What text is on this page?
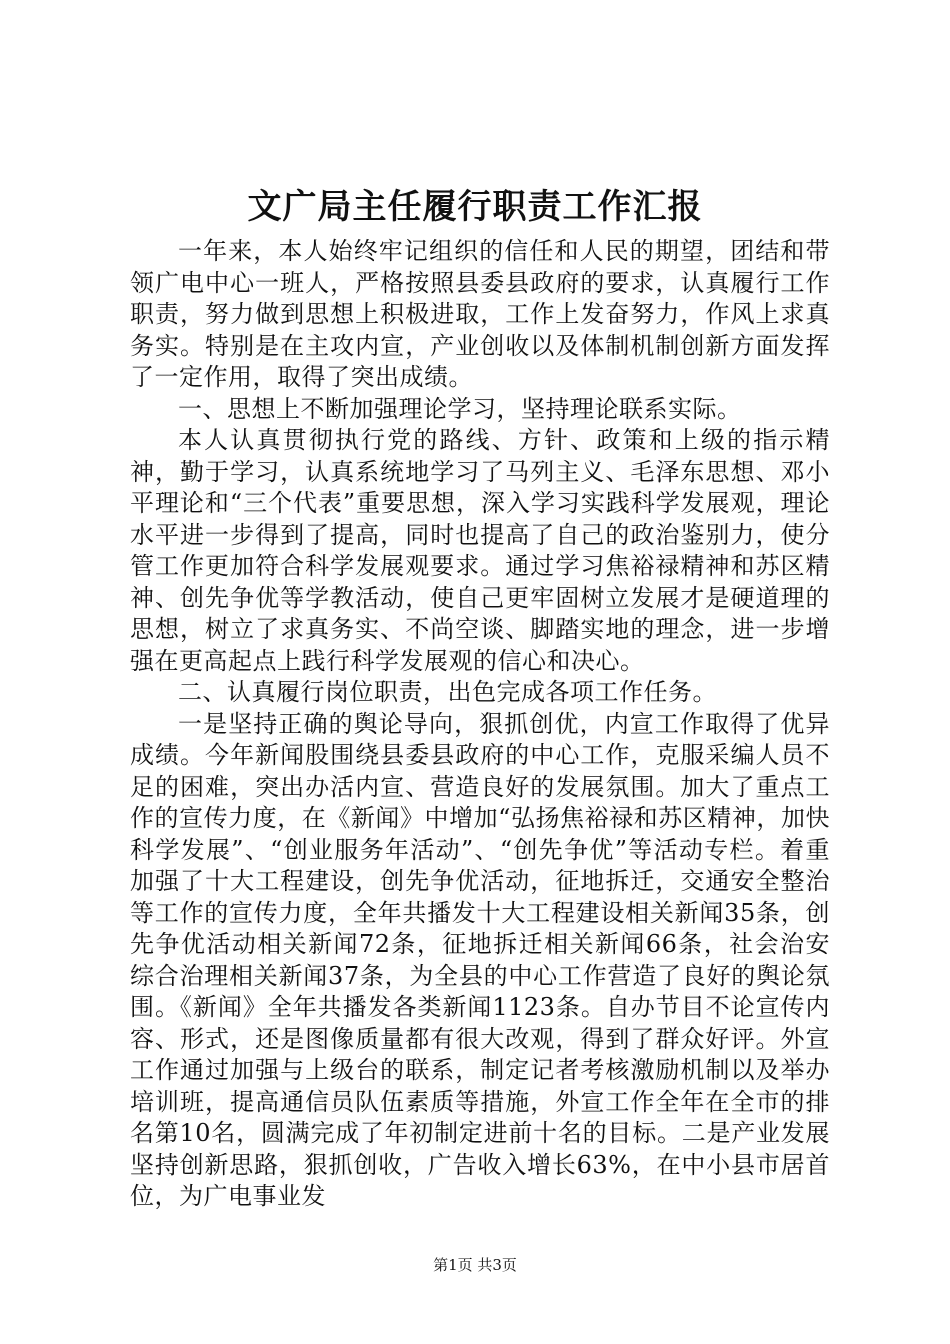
文广局主任履行职责工作汇报

一年来，本人始终牢记组织的信任和人民的期望，团结和带领广电中心一班人，严格按照县委县政府的要求，认真履行工作职责，努力做到思想上积极进取，工作上发奋努力，作风上求真务实。特别是在主攻内宣，产业创收以及体制机制创新方面发挥了一定作用，取得了突出成绩。

一、思想上不断加强理论学习，坚持理论联系实际。

本人认真贯彻执行党的路线、方针、政策和上级的指示精神，勤于学习，认真系统地学习了马列主义、毛泽东思想、邓小平理论和“三个代表”重要思想，深入学习实践科学发展观，理论水平进一步得到了提高，同时也提高了自己的政治鉴别力，使分管工作更加符合科学发展观要求。通过学习焦裕禄精神和苏区精神、创先争优等学教活动，使自己更牢固树立发展才是硬道理的思想，树立了求真务实、不尚空谈、脚踏实地的理念，进一步增强在更高起点上践行科学发展观的信心和决心。

二、认真履行岗位职责，出色完成各项工作任务。

一是坚持正确的舆论导向，狠抓创优，内宣工作取得了优异成绩。今年新闻股围绕县委县政府的中心工作，克服采编人员不足的困难，突出办活内宣、营造良好的发展氛围。加大了重点工作的宣传力度，在《新闻》中增加“弘扬焦裕禄和苏区精神，加快科学发展”、“创业服务年活动”、“创先争优”等活动专栏。着重加强了十大工程建设，创先争优活动，征地拆迁，交通安全整治等工作的宣传力度，全年共播发十大工程建设相关新闻35条，创先争优活动相关新闻72条，征地拆迁相关新闻66条，社会治安综合治理相关新闻37条，为全县的中心工作营造了良好的舆论氛围。《新闻》全年共播发各类新闻1123条。自办节目不论宣传内容、形式，还是图像质量都有很大改观，得到了群众好评。外宣工作通过加强与上级台的联系，制定记者考核激励机制以及举办培训班，提高通信员队伍素质等措施，外宣工作全年在全市的排名第10名，圆满完成了年初制定进前十名的目标。二是产业发展坚持创新思路，狠抓创收，广告收入增长63%，在中小县市居首位，为广电事业发

第1页 共3页
